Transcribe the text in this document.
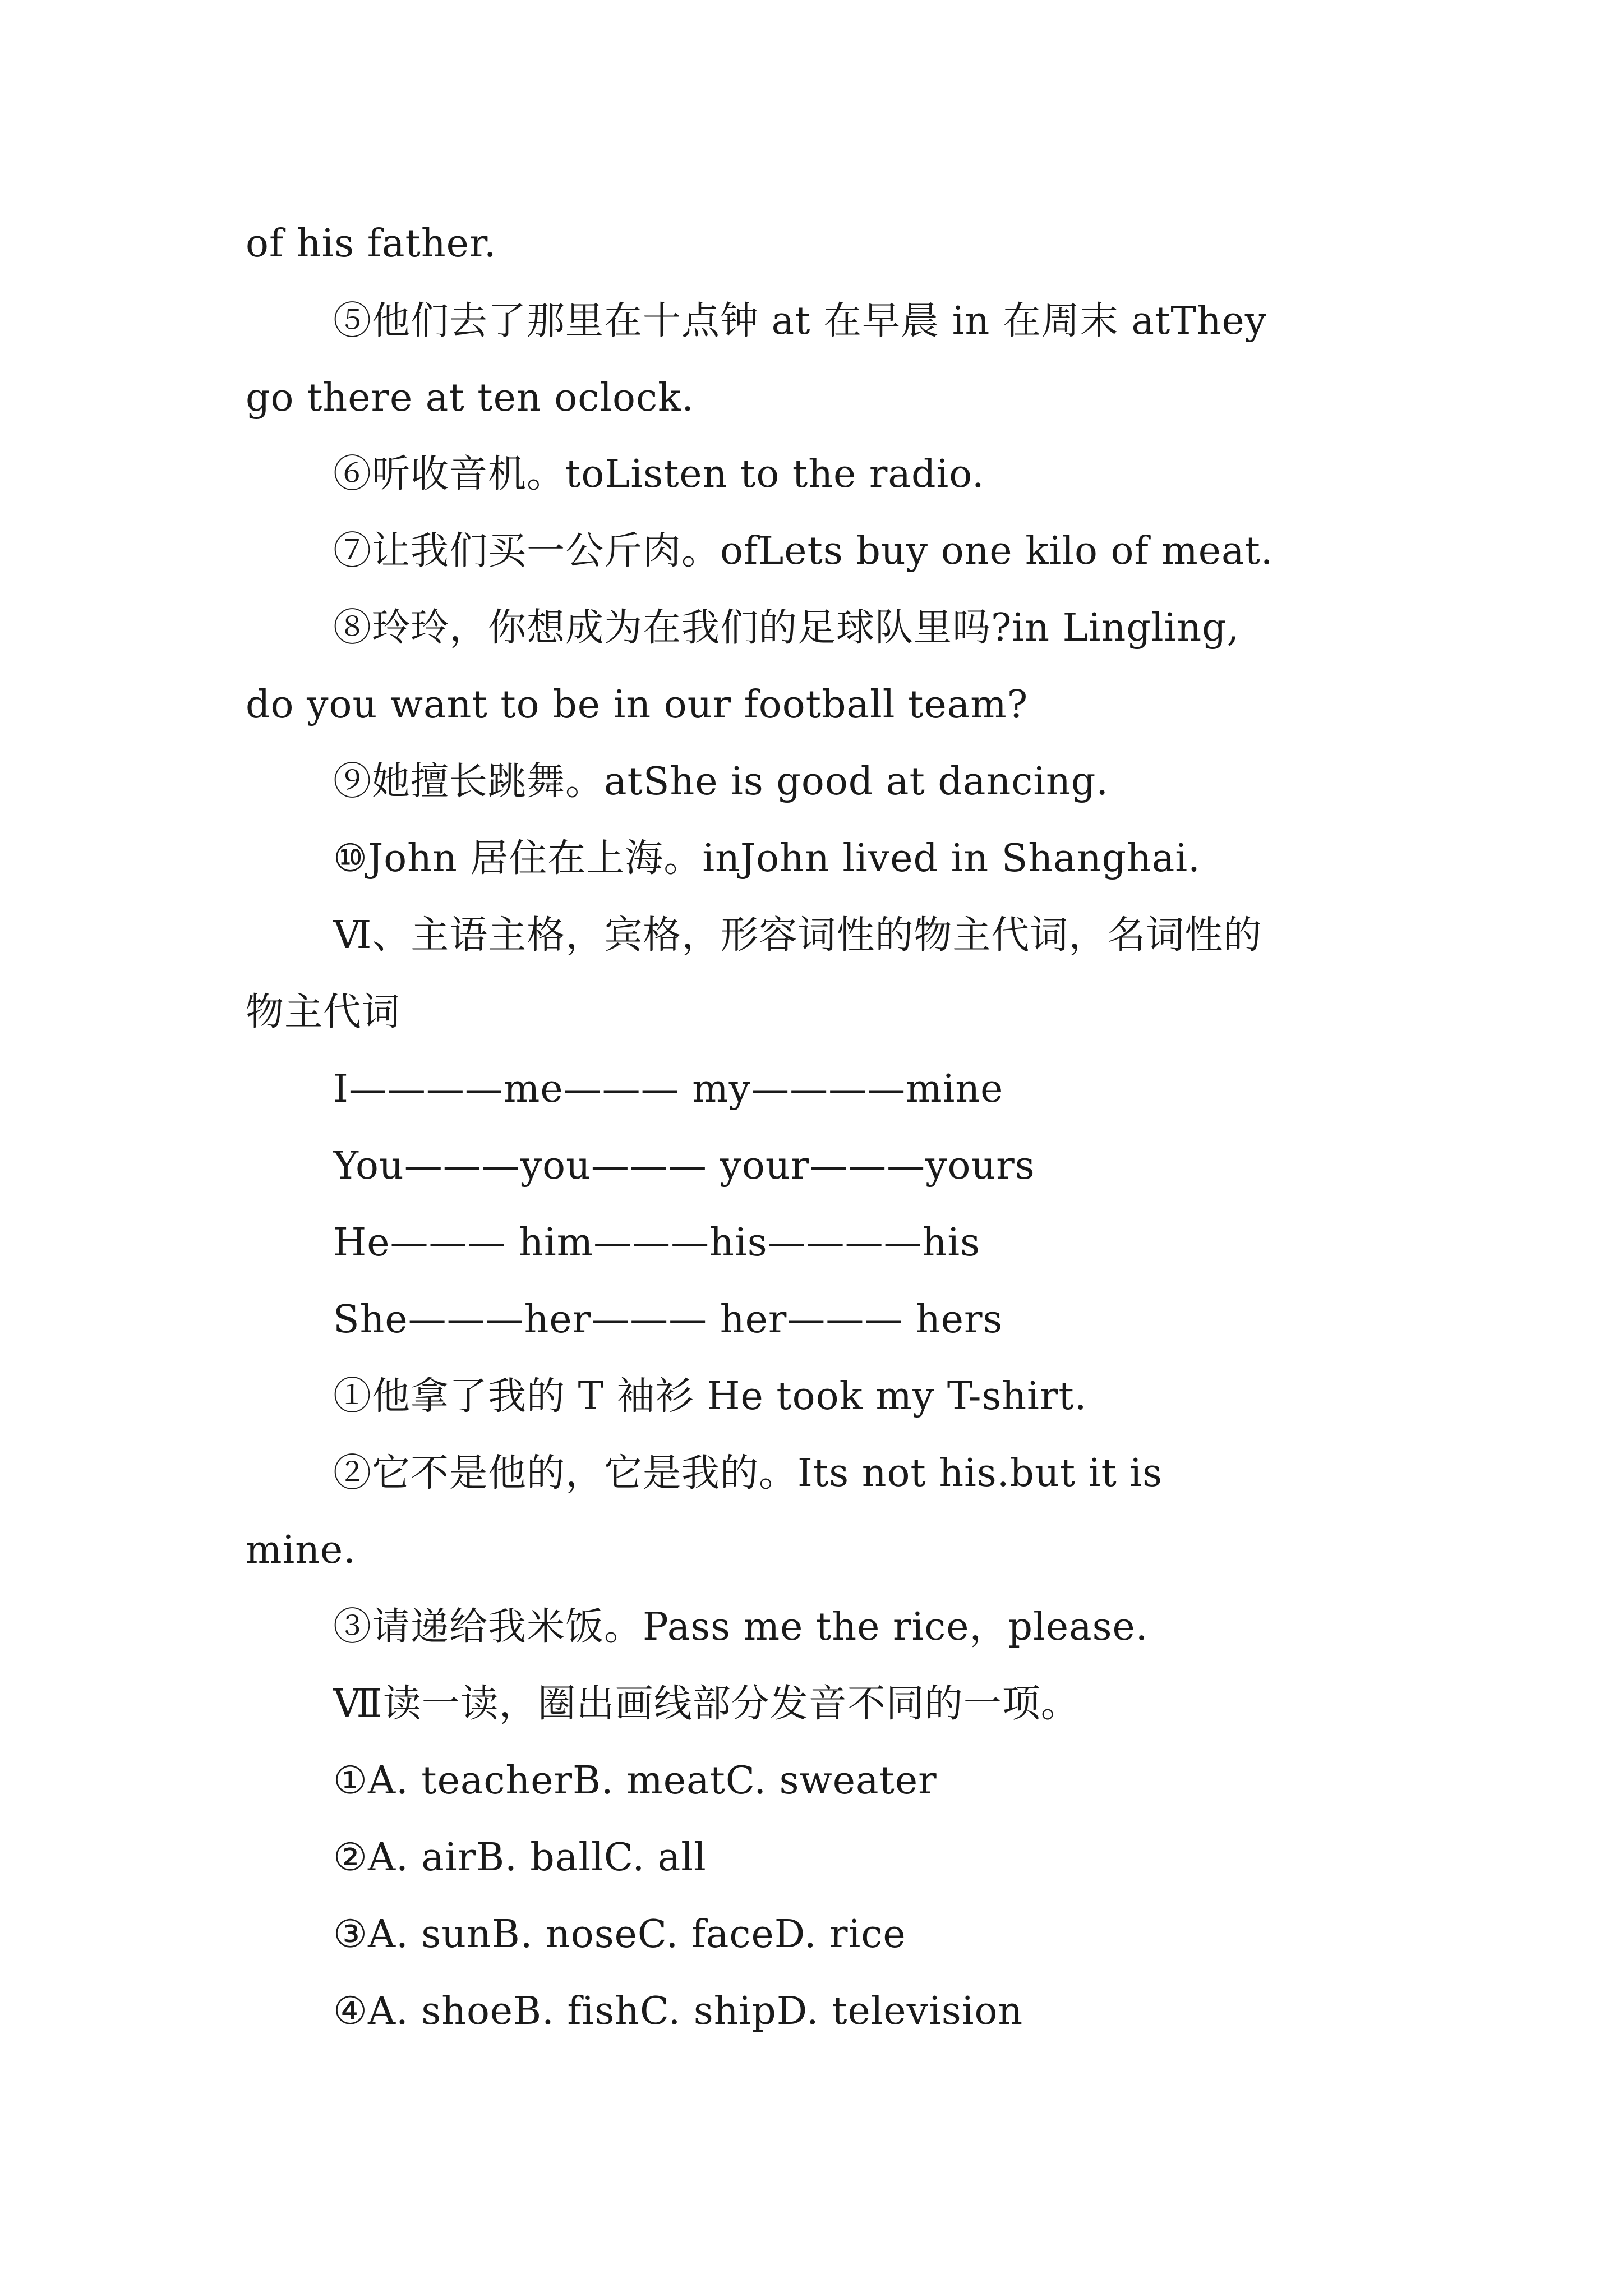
of his father.
⑤他们去了那里在十点钟 at 在早晨 in 在周末 atThey
go there at ten oclock.
⑥听收音机。toListen to the radio.
⑦让我们买一公斤肉。ofLets buy one kilo of meat.
⑧玲玲，你想成为在我们的足球队里吗?in Lingling,
do you want to be in our football team?
⑨她擅长跳舞。atShe is good at dancing.
⑩John 居住在上海。inJohn lived in Shanghai.
Ⅵ、主语主格，宾格，形容词性的物主代词，名词性的
物主代词
I————me——— my————mine
You———you——— your———yours
He——— him———his————his
She———her——— her——— hers
①他拿了我的 T 袖衫 He took my T-shirt.
②它不是他的，它是我的。Its not his.but it is
mine.
③请递给我米饭。Pass me the rice，please.
Ⅶ读一读，圈出画线部分发音不同的一项。
①A. teacherB. meatC. sweater
②A. airB. ballC. all
③A. sunB. noseC. faceD. rice
④A. shoeB. fishC. shipD. television
